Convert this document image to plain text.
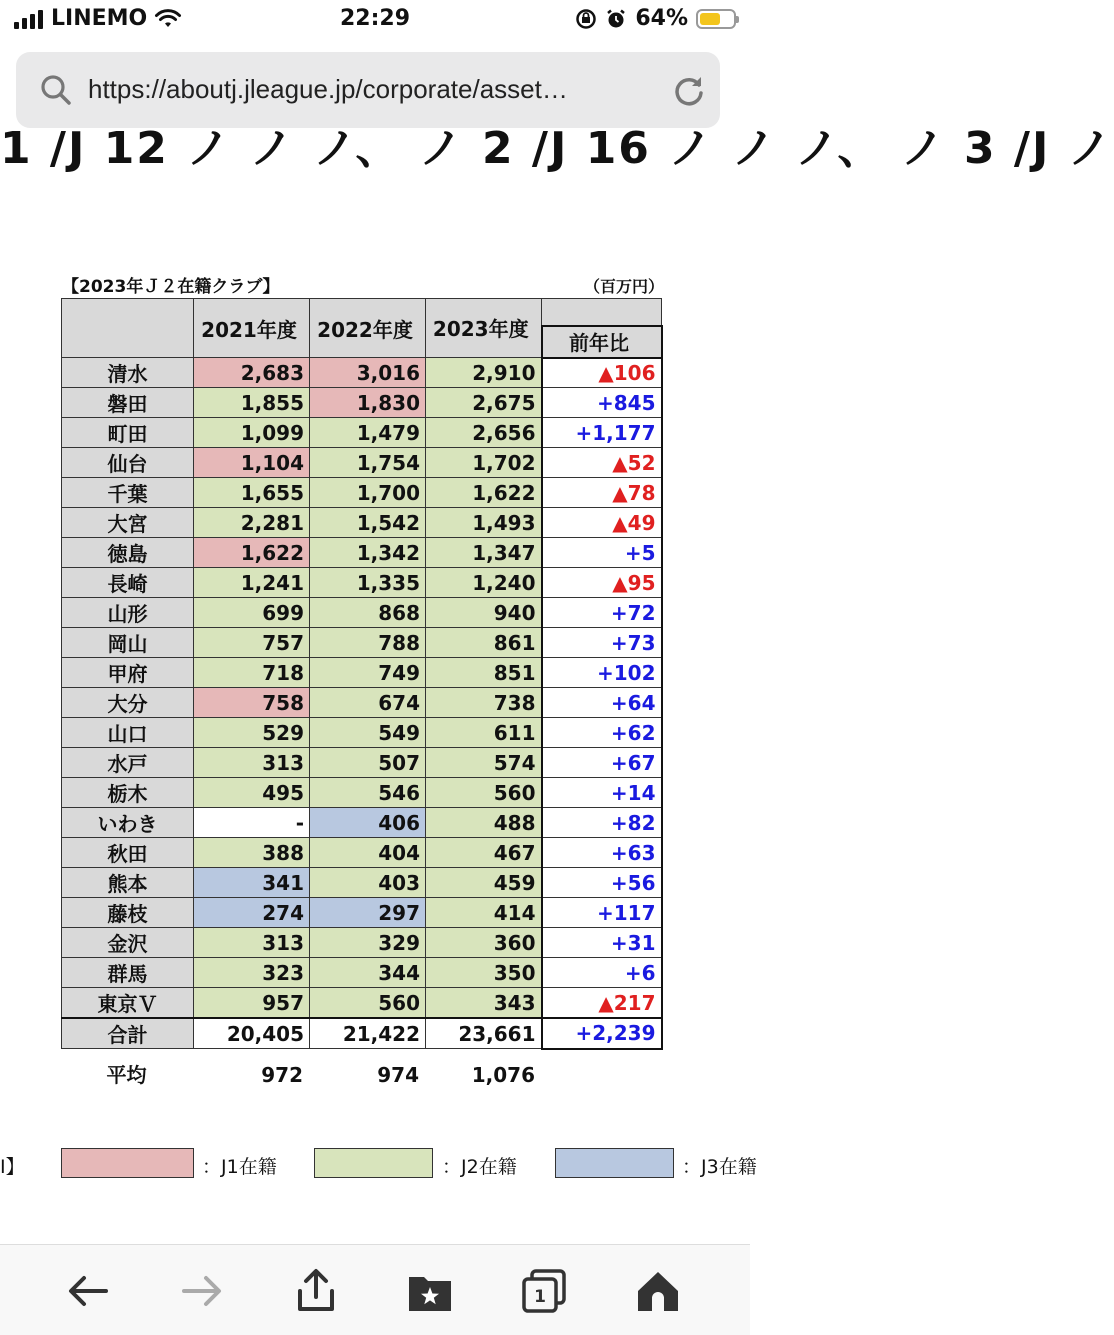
LINEMO	22:29	64%
https://aboutj.jleague.jp/corporate/asset…
1 /J 12 ノ ノ ノ、 ノ 2 /J 16 ノ ノ ノ、 ノ 3 /J ノ
【2023年Ｊ２在籍クラブ】	（百万円）
	2021年度	2022年度	2023年度	
				前年比
清水	2,683	3,016	2,910	▲106
磐田	1,855	1,830	2,675	+845
町田	1,099	1,479	2,656	+1,177
仙台	1,104	1,754	1,702	▲52
千葉	1,655	1,700	1,622	▲78
大宮	2,281	1,542	1,493	▲49
徳島	1,622	1,342	1,347	+5
長崎	1,241	1,335	1,240	▲95
山形	699	868	940	+72
岡山	757	788	861	+73
甲府	718	749	851	+102
大分	758	674	738	+64
山口	529	549	611	+62
水戸	313	507	574	+67
栃木	495	546	560	+14
いわき	-	406	488	+82
秋田	388	404	467	+63
熊本	341	403	459	+56
藤枝	274	297	414	+117
金沢	313	329	360	+31
群馬	323	344	350	+6
東京Ｖ	957	560	343	▲217
合計	20,405	21,422	23,661	+2,239
平均	972	974	1,076
I】	：J1在籍	：J2在籍	：J3在籍
1
